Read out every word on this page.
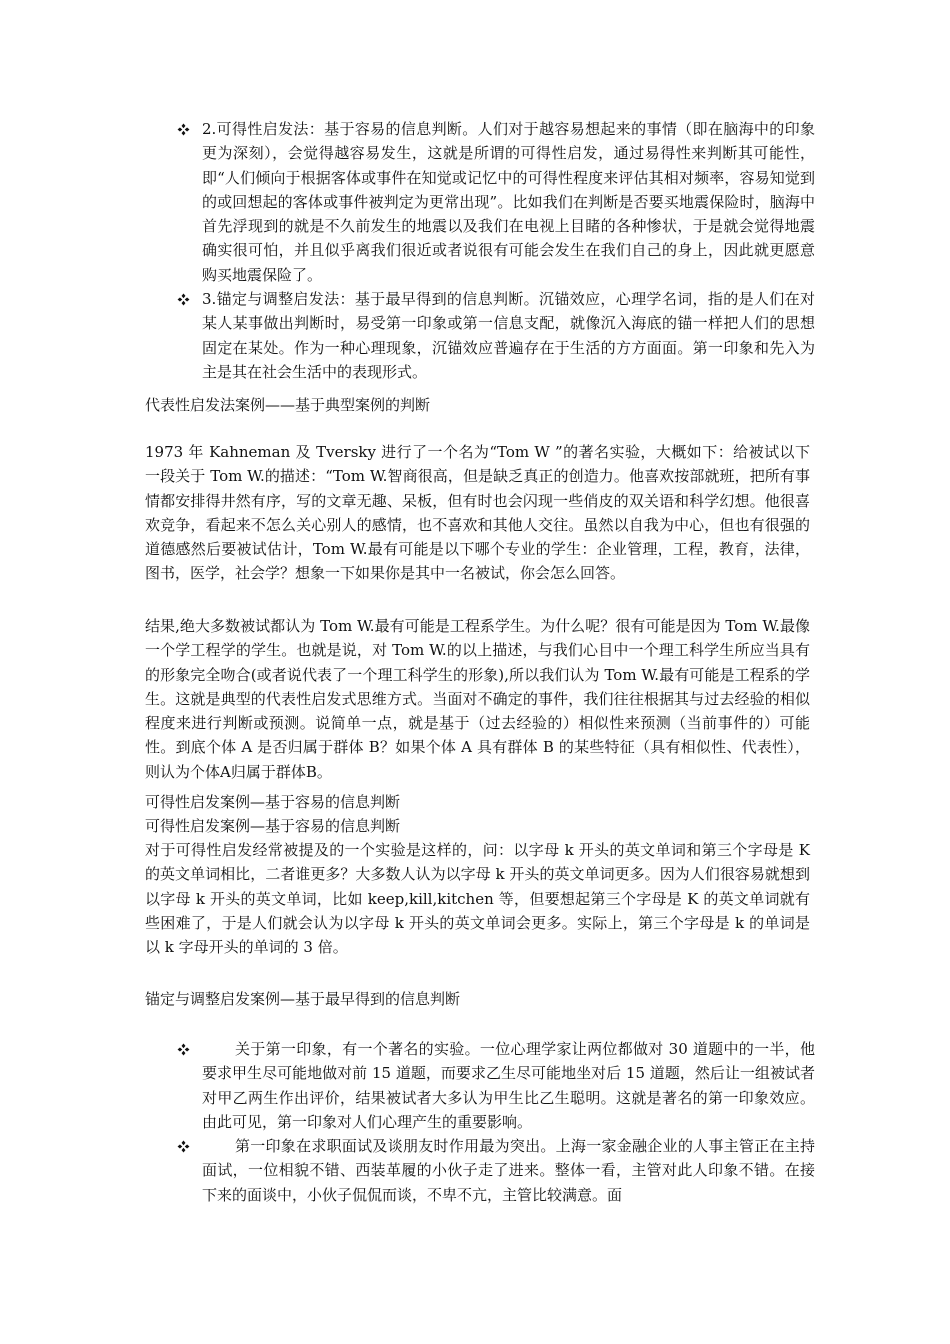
2.可得性启发法：基于容易的信息判断。人们对于越容易想起来的事情（即在脑海中的印象更为深刻），会觉得越容易发生，这就是所谓的可得性启发，通过易得性来判断其可能性，即“人们倾向于根据客体或事件在知觉或记忆中的可得性程度来评估其相对频率，容易知觉到的或回想起的客体或事件被判定为更常出现”。比如我们在判断是否要买地震保险时，脑海中首先浮现到的就是不久前发生的地震以及我们在电视上目睹的各种惨状，于是就会觉得地震确实很可怕，并且似乎离我们很近或者说很有可能会发生在我们自己的身上，因此就更愿意购买地震保险了。
3.锚定与调整启发法：基于最早得到的信息判断。沉锚效应，心理学名词，指的是人们在对某人某事做出判断时，易受第一印象或第一信息支配，就像沉入海底的锚一样把人们的思想固定在某处。作为一种心理现象，沉锚效应普遍存在于生活的方方面面。第一印象和先入为主是其在社会生活中的表现形式。

代表性启发法案例——基于典型案例的判断

1973 年 Kahneman 及 Tversky 进行了一个名为“Tom W ”的著名实验，大概如下：给被试以下一段关于 Tom W.的描述：“Tom W.智商很高，但是缺乏真正的创造力。他喜欢按部就班，把所有事情都安排得井然有序，写的文章无趣、呆板，但有时也会闪现一些俏皮的双关语和科学幻想。他很喜欢竞争，看起来不怎么关心别人的感情，也不喜欢和其他人交往。虽然以自我为中心，但也有很强的道德感然后要被试估计，Tom W.最有可能是以下哪个专业的学生：企业管理，工程，教育，法律，图书，医学，社会学？想象一下如果你是其中一名被试，你会怎么回答。

结果,绝大多数被试都认为 Tom W.最有可能是工程系学生。为什么呢？很有可能是因为 Tom W.最像一个学工程学的学生。也就是说，对 Tom W.的以上描述，与我们心目中一个理工科学生所应当具有的形象完全吻合(或者说代表了一个理工科学生的形象),所以我们认为 Tom W.最有可能是工程系的学生。这就是典型的代表性启发式思维方式。当面对不确定的事件，我们往往根据其与过去经验的相似程度来进行判断或预测。说简单一点，就是基于（过去经验的）相似性来预测（当前事件的）可能性。到底个体 A 是否归属于群体 B？如果个体 A 具有群体 B 的某些特征（具有相似性、代表性），则认为个体A归属于群体B。

可得性启发案例—基于容易的信息判断

可得性启发案例—基于容易的信息判断

对于可得性启发经常被提及的一个实验是这样的，问：以字母 k 开头的英文单词和第三个字母是 K 的英文单词相比，二者谁更多？大多数人认为以字母 k 开头的英文单词更多。因为人们很容易就想到以字母 k 开头的英文单词，比如 keep,kill,kitchen 等，但要想起第三个字母是 K 的英文单词就有些困难了，于是人们就会认为以字母 k 开头的英文单词会更多。实际上，第三个字母是 k 的单词是以 k 字母开头的单词的 3 倍。

锚定与调整启发案例—基于最早得到的信息判断

关于第一印象，有一个著名的实验。一位心理学家让两位都做对 30 道题中的一半，他要求甲生尽可能地做对前 15 道题，而要求乙生尽可能地坐对后 15 道题，然后让一组被试者对甲乙两生作出评价，结果被试者大多认为甲生比乙生聪明。这就是著名的第一印象效应。由此可见，第一印象对人们心理产生的重要影响。

第一印象在求职面试及谈朋友时作用最为突出。上海一家金融企业的人事主管正在主持面试，一位相貌不错、西装革履的小伙子走了进来。整体一看，主管对此人印象不错。在接下来的面谈中，小伙子侃侃而谈，不卑不亢，主管比较满意。面
